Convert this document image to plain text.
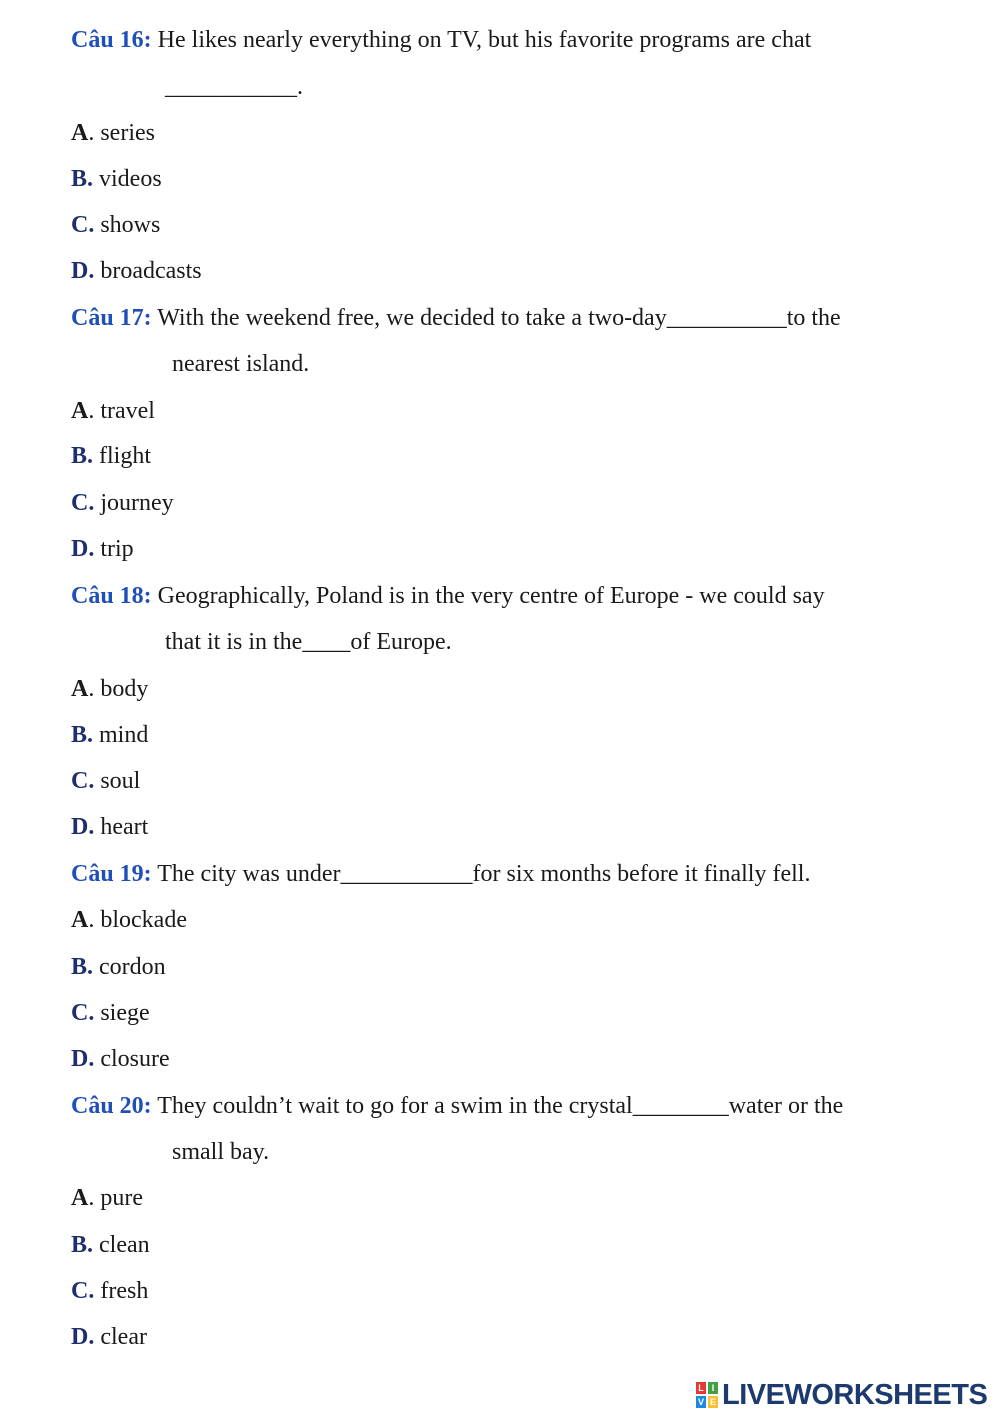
Câu 16: He likes nearly everything on TV, but his favorite programs are chat
___________.
A. series
B. videos
C. shows
D. broadcasts
Câu 17: With the weekend free, we decided to take a two-day__________to the
nearest island.
A. travel
B. flight
C. journey
D. trip
Câu 18: Geographically, Poland is in the very centre of Europe - we could say
that it is in the____of Europe.
A. body
B. mind
C. soul
D. heart
Câu 19: The city was under___________for six months before it finally fell.
A. blockade
B. cordon
C. siege
D. closure
Câu 20: They couldn’t wait to go for a swim in the crystal________water or the
small bay.
A. pure
B. clean
C. fresh
D. clear
L I
V E LIVEWORKSHEETS
